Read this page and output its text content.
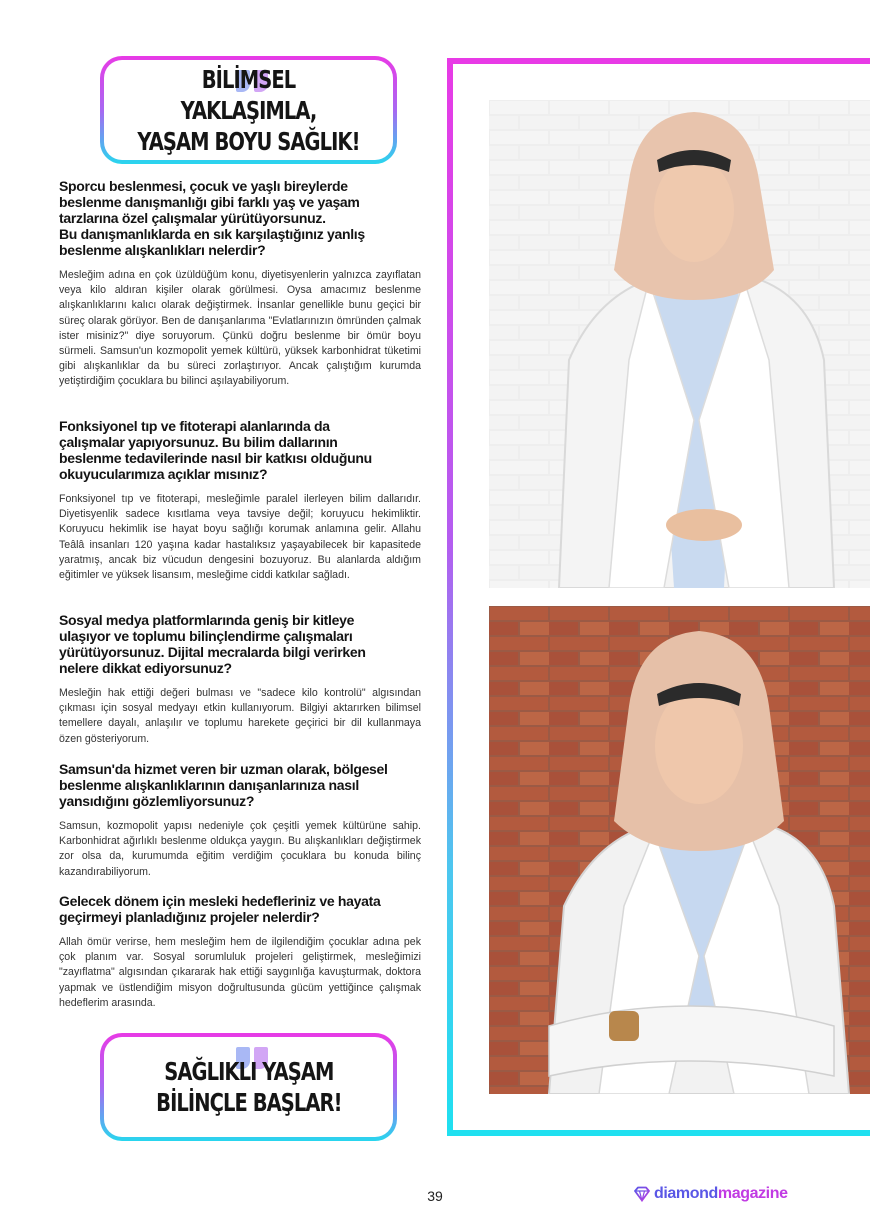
BİLİMSEL YAKLAŞIMLA,
YAŞAM BOYU SAĞLIK!
Sporcu beslenmesi, çocuk ve yaşlı bireylerde
beslenme danışmanlığı gibi farklı yaş ve yaşam
tarzlarına özel çalışmalar yürütüyorsunuz.
Bu danışmanlıklarda en sık karşılaştığınız yanlış
beslenme alışkanlıkları nelerdir?
Mesleğim adına en çok üzüldüğüm konu, diyetisyenlerin yalnızca zayıflatan veya kilo aldıran kişiler olarak görülmesi. Oysa amacımız beslenme alışkanlıklarını kalıcı olarak değiştirmek. İnsanlar genellikle bunu geçici bir süreç olarak görüyor. Ben de danışanlarıma "Evlatlarınızın ömründen çalmak ister misiniz?" diye soruyorum. Çünkü doğru beslenme bir ömür boyu sürmeli. Samsun'un kozmopolit yemek kültürü, yüksek karbonhidrat tüketimi gibi alışkanlıklar da bu süreci zorlaştırıyor. Ancak çalıştığım kurumda yetiştirdiğim çocuklara bu bilinci aşılayabiliyorum.
Fonksiyonel tıp ve fitoterapi alanlarında da
çalışmalar yapıyorsunuz. Bu bilim dallarının
beslenme tedavilerinde nasıl bir katkısı olduğunu
okuyucularımıza açıklar mısınız?
Fonksiyonel tıp ve fitoterapi, mesleğimle paralel ilerleyen bilim dallarıdır. Diyetisyenlik sadece kısıtlama veya tavsiye değil; koruyucu hekimliktir. Koruyucu hekimlik ise hayat boyu sağlığı korumak anlamına gelir. Allahu Teâlâ insanları 120 yaşına kadar hastalıksız yaşayabilecek bir kapasitede yaratmış, ancak biz vücudun dengesini bozuyoruz. Bu alanlarda aldığım eğitimler ve yüksek lisansım, mesleğime ciddi katkılar sağladı.
Sosyal medya platformlarında geniş bir kitleye
ulaşıyor ve toplumu bilinçlendirme çalışmaları
yürütüyorsunuz. Dijital mecralarda bilgi verirken
nelere dikkat ediyorsunuz?
Mesleğin hak ettiği değeri bulması ve "sadece kilo kontrolü" algısından çıkması için sosyal medyayı etkin kullanıyorum. Bilgiyi aktarırken bilimsel temellere dayalı, anlaşılır ve toplumu harekete geçirici bir dil kullanmaya özen gösteriyorum.
Samsun'da hizmet veren bir uzman olarak, bölgesel
beslenme alışkanlıklarının danışanlarınıza nasıl
yansıdığını gözlemliyorsunuz?
Samsun, kozmopolit yapısı nedeniyle çok çeşitli yemek kültürüne sahip. Karbonhidrat ağırlıklı beslenme oldukça yaygın. Bu alışkanlıkları değiştirmek zor olsa da, kurumumda eğitim verdiğim çocuklara bu konuda bilinç kazandırabiliyorum.
Gelecek dönem için mesleki hedefleriniz ve hayata
geçirmeyi planladığınız projeler nelerdir?
Allah ömür verirse, hem mesleğim hem de ilgilendiğim çocuklar adına pek çok planım var. Sosyal sorumluluk projeleri geliştirmek, mesleğimizi "zayıflatma" algısından çıkararak hak ettiği saygınlığa kavuşturmak, doktora yapmak ve üstlendiğim misyon doğrultusunda gücüm yettiğince çalışmak hedeflerim arasında.
SAĞLIKLI YAŞAM
BİLİNÇLE BAŞLAR!
39	diamondmagazine
